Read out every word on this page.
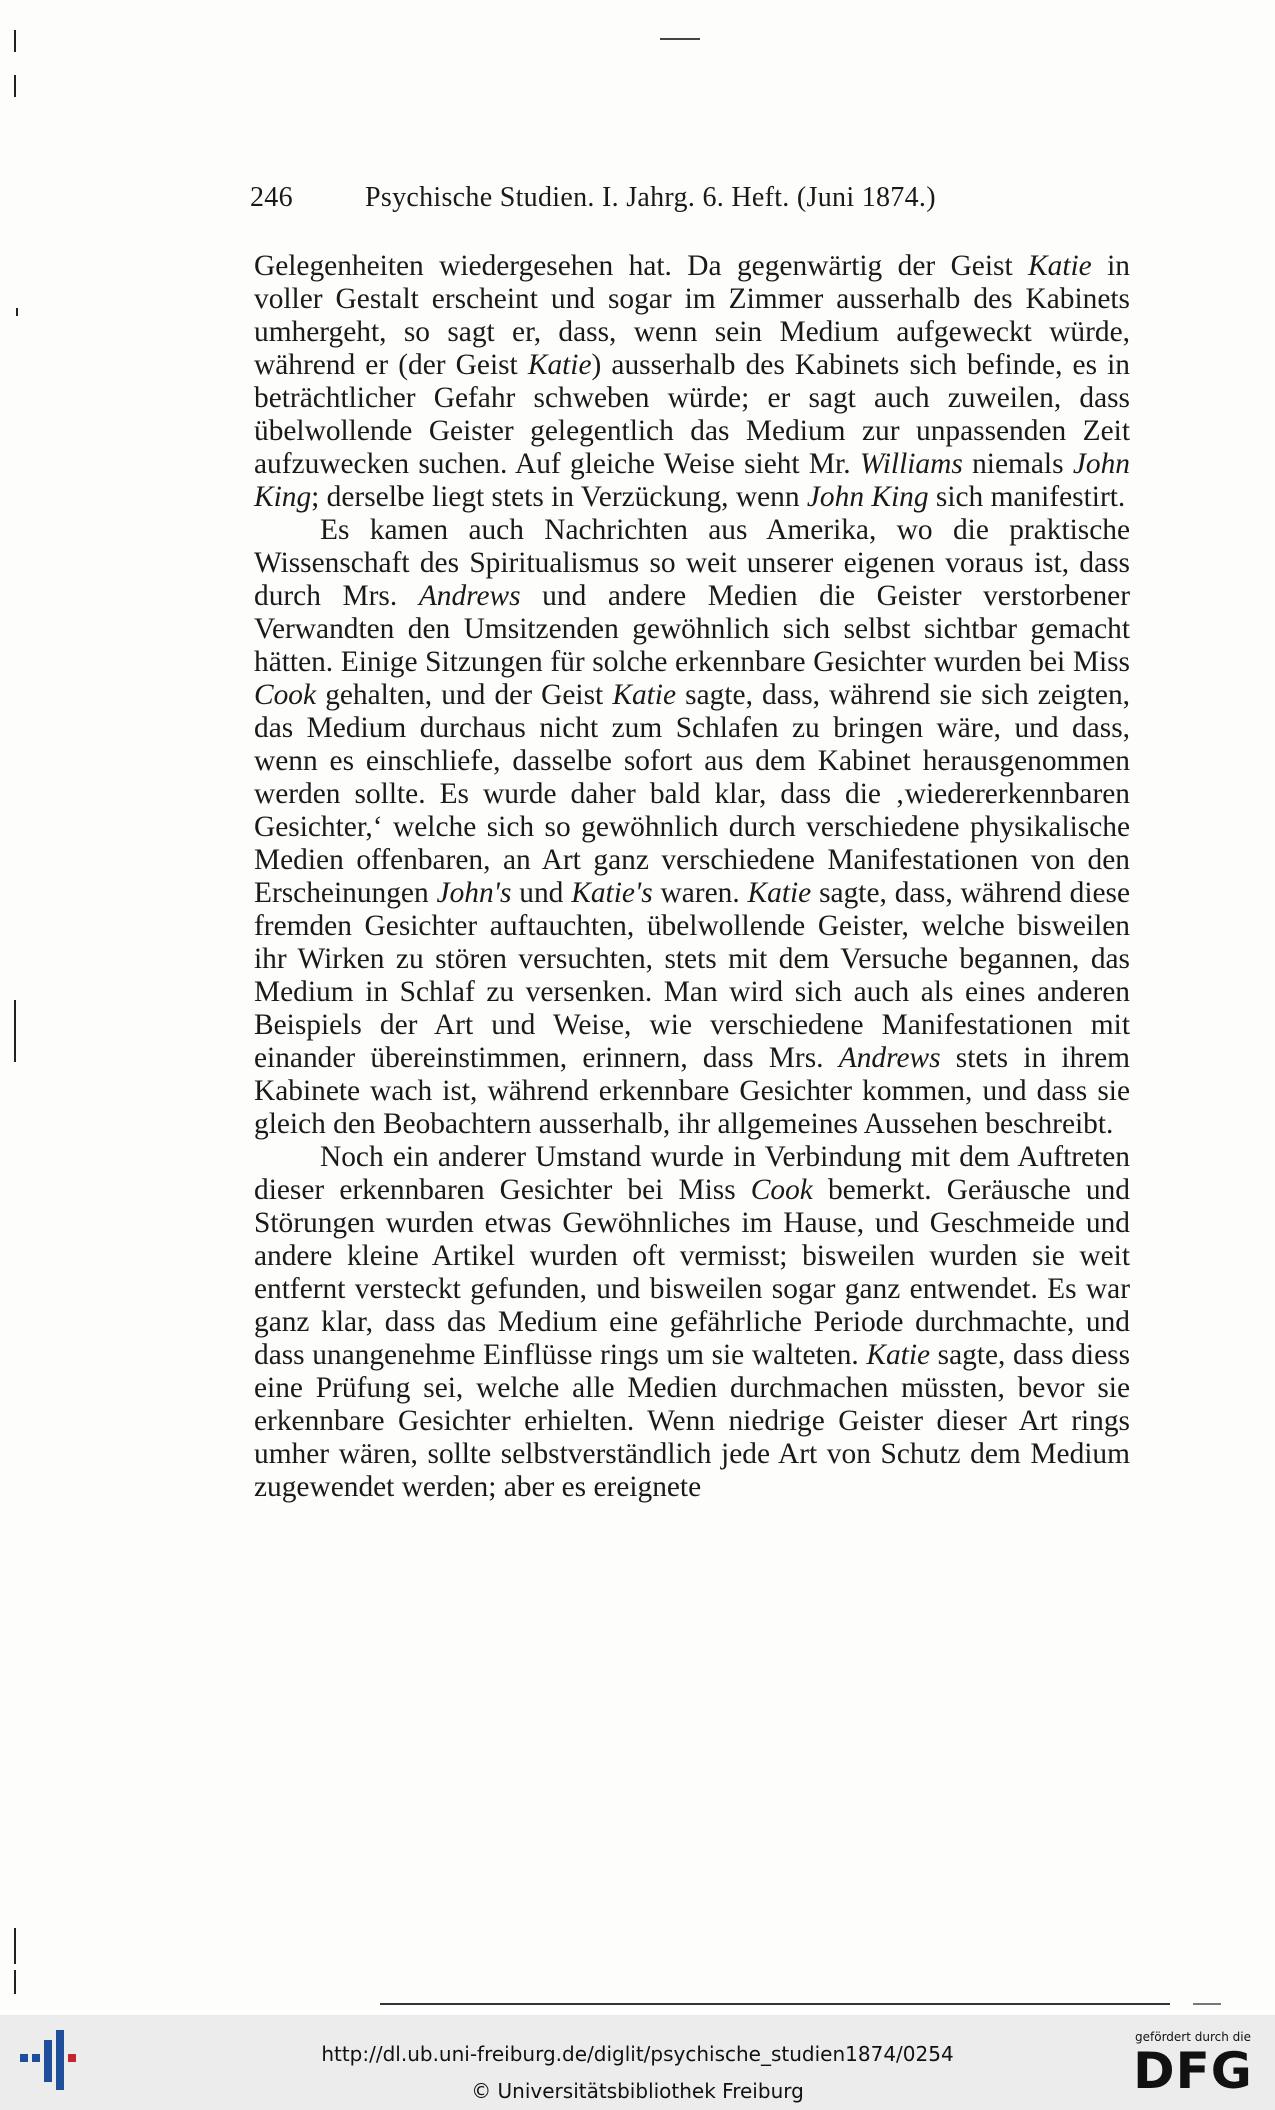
246	Psychische Studien. I. Jahrg. 6. Heft. (Juni 1874.)

Gelegenheiten wiedergesehen hat. Da gegenwärtig der Geist Katie in voller Gestalt erscheint und sogar im Zimmer ausserhalb des Kabinets umhergeht, so sagt er, dass, wenn sein Medium aufgeweckt würde, während er (der Geist Katie) ausserhalb des Kabinets sich befinde, es in beträchtlicher Gefahr schweben würde; er sagt auch zuweilen, dass übelwollende Geister gelegentlich das Medium zur unpassenden Zeit aufzuwecken suchen. Auf gleiche Weise sieht Mr. Williams niemals John King; derselbe liegt stets in Verzückung, wenn John King sich manifestirt.

Es kamen auch Nachrichten aus Amerika, wo die praktische Wissenschaft des Spiritualismus so weit unserer eigenen voraus ist, dass durch Mrs. Andrews und andere Medien die Geister verstorbener Verwandten den Umsitzenden gewöhnlich sich selbst sichtbar gemacht hätten. Einige Sitzungen für solche erkennbare Gesichter wurden bei Miss Cook gehalten, und der Geist Katie sagte, dass, während sie sich zeigten, das Medium durchaus nicht zum Schlafen zu bringen wäre, und dass, wenn es einschliefe, dasselbe sofort aus dem Kabinet herausgenommen werden sollte. Es wurde daher bald klar, dass die ‚wiedererkennbaren Gesichter,‘ welche sich so gewöhnlich durch verschiedene physikalische Medien offenbaren, an Art ganz verschiedene Manifestationen von den Erscheinungen John's und Katie's waren. Katie sagte, dass, während diese fremden Gesichter auftauchten, übelwollende Geister, welche bisweilen ihr Wirken zu stören versuchten, stets mit dem Versuche begannen, das Medium in Schlaf zu versenken. Man wird sich auch als eines anderen Beispiels der Art und Weise, wie verschiedene Manifestationen mit einander übereinstimmen, erinnern, dass Mrs. Andrews stets in ihrem Kabinete wach ist, während erkennbare Gesichter kommen, und dass sie gleich den Beobachtern ausserhalb, ihr allgemeines Aussehen beschreibt.

Noch ein anderer Umstand wurde in Verbindung mit dem Auftreten dieser erkennbaren Gesichter bei Miss Cook bemerkt. Geräusche und Störungen wurden etwas Gewöhnliches im Hause, und Geschmeide und andere kleine Artikel wurden oft vermisst; bisweilen wurden sie weit entfernt versteckt gefunden, und bisweilen sogar ganz entwendet. Es war ganz klar, dass das Medium eine gefährliche Periode durchmachte, und dass unangenehme Einflüsse rings um sie walteten. Katie sagte, dass diess eine Prüfung sei, welche alle Medien durchmachen müssten, bevor sie erkennbare Gesichter erhielten. Wenn niedrige Geister dieser Art rings umher wären, sollte selbstverständlich jede Art von Schutz dem Medium zugewendet werden; aber es ereignete

http://dl.ub.uni-freiburg.de/diglit/psychische_studien1874/0254
© Universitätsbibliothek Freiburg
gefördert durch die
DFG
